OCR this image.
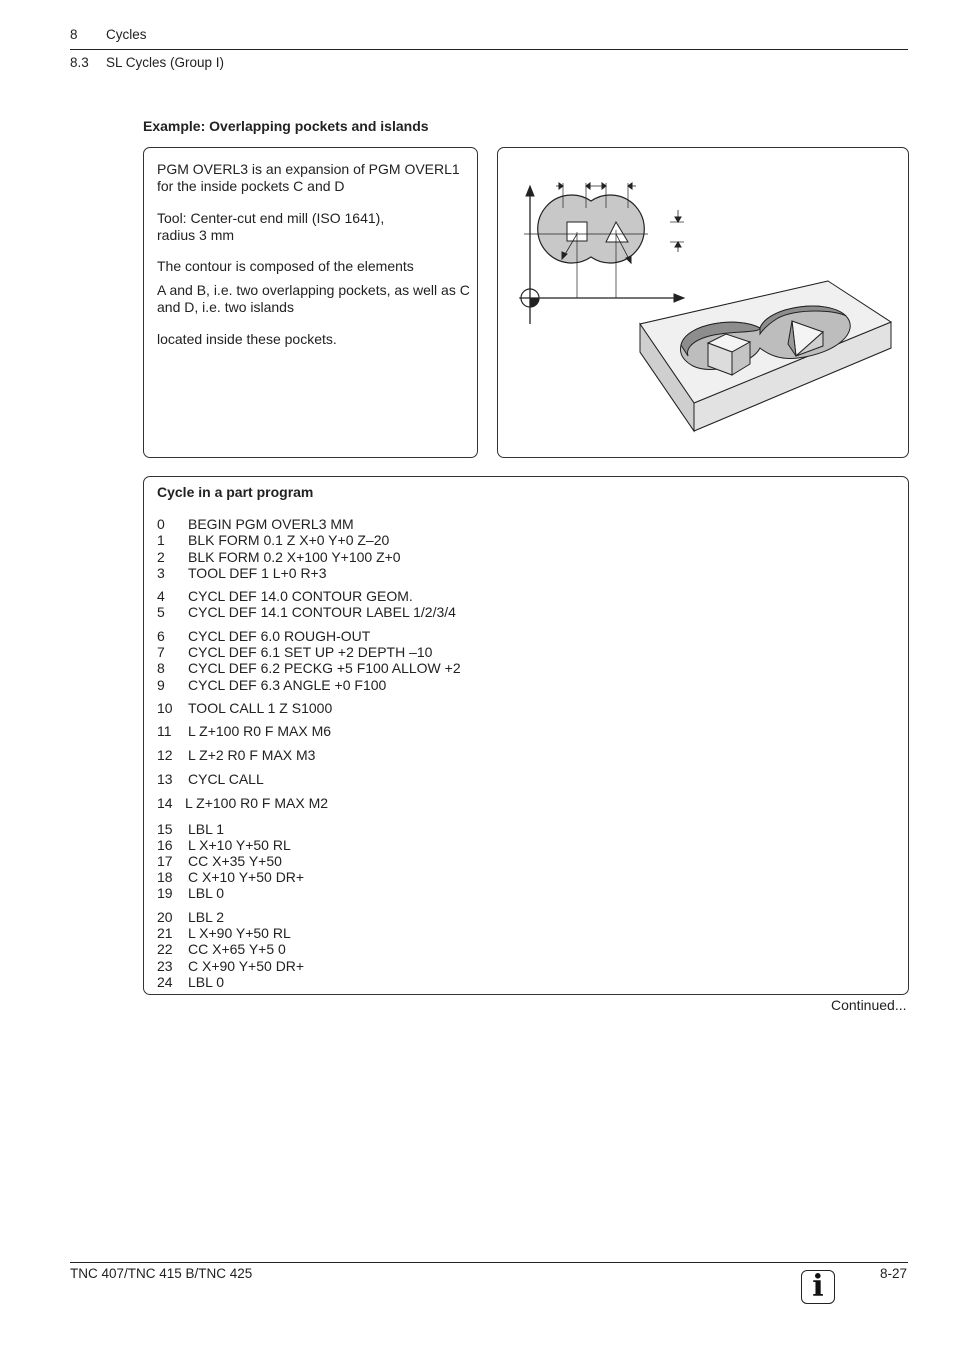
8 Cycles
8.3 SL Cycles (Group I)
Example: Overlapping pockets and islands

PGM OVERL3 is an expansion of PGM OVERL1 for the inside pockets C and D

Tool: Center-cut end mill (ISO 1641), radius 3 mm

The contour is composed of the elements

A and B, i.e. two overlapping pockets, as well as C and D, i.e. two islands

located inside these pockets.

Cycle in a part program
0 BEGIN PGM OVERL3 MM
1 BLK FORM 0.1 Z X+0 Y+0 Z–20
2 BLK FORM 0.2 X+100 Y+100 Z+0
3 TOOL DEF 1 L+0 R+3
4 CYCL DEF 14.0 CONTOUR GEOM.
5 CYCL DEF 14.1 CONTOUR LABEL 1/2/3/4
6 CYCL DEF 6.0 ROUGH-OUT
7 CYCL DEF 6.1 SET UP +2 DEPTH –10
8 CYCL DEF 6.2 PECKG +5 F100 ALLOW +2
9 CYCL DEF 6.3 ANGLE +0 F100
10 TOOL CALL 1 Z S1000
11 L Z+100 R0 F MAX M6
12 L Z+2 R0 F MAX M3
13 CYCL CALL
14 L Z+100 R0 F MAX M2
15 LBL 1
16 L X+10 Y+50 RL
17 CC X+35 Y+50
18 C X+10 Y+50 DR+
19 LBL 0
20 LBL 2
21 L X+90 Y+50 RL
22 CC X+65 Y+5 0
23 C X+90 Y+50 DR+
24 LBL 0
Continued...
TNC 407/TNC 415 B/TNC 425	8-27
i
